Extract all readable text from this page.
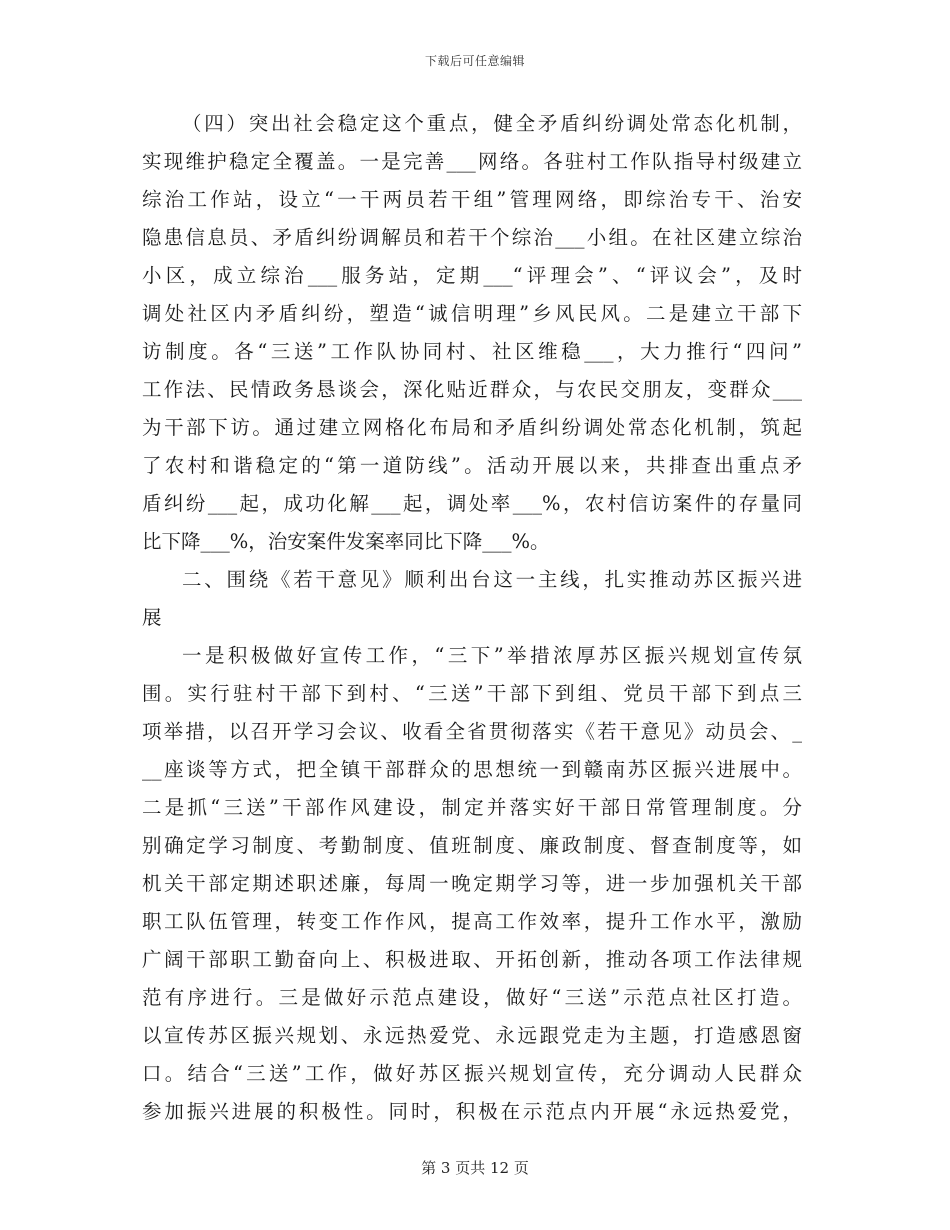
下载后可任意编辑
（四）突出社会稳定这个重点，健全矛盾纠纷调处常态化机制，
实现维护稳定全覆盖。一是完善___网络。各驻村工作队指导村级建立
综治工作站，设立“一干两员若干组”管理网络，即综治专干、治安
隐患信息员、矛盾纠纷调解员和若干个综治___小组。在社区建立综治
小区，成立综治___服务站，定期___“评理会”、“评议会”，及时
调处社区内矛盾纠纷，塑造“诚信明理”乡风民风。二是建立干部下
访制度。各“三送”工作队协同村、社区维稳___，大力推行“四问”
工作法、民情政务恳谈会，深化贴近群众，与农民交朋友，变群众___
为干部下访。通过建立网格化布局和矛盾纠纷调处常态化机制，筑起
了农村和谐稳定的“第一道防线”。活动开展以来，共排查出重点矛
盾纠纷___起，成功化解___起，调处率___%，农村信访案件的存量同
比下降___%，治安案件发案率同比下降___%。
二、围绕《若干意见》顺利出台这一主线，扎实推动苏区振兴进
展
一是积极做好宣传工作，“三下”举措浓厚苏区振兴规划宣传氛
围。实行驻村干部下到村、“三送”干部下到组、党员干部下到点三
项举措，以召开学习会议、收看全省贯彻落实《若干意见》动员会、_
__座谈等方式，把全镇干部群众的思想统一到赣南苏区振兴进展中。
二是抓“三送”干部作风建设，制定并落实好干部日常管理制度。分
别确定学习制度、考勤制度、值班制度、廉政制度、督查制度等，如
机关干部定期述职述廉，每周一晚定期学习等，进一步加强机关干部
职工队伍管理，转变工作作风，提高工作效率，提升工作水平，激励
广阔干部职工勤奋向上、积极进取、开拓创新，推动各项工作法律规
范有序进行。三是做好示范点建设，做好“三送”示范点社区打造。
以宣传苏区振兴规划、永远热爱党、永远跟党走为主题，打造感恩窗
口。结合“三送”工作，做好苏区振兴规划宣传，充分调动人民群众
参加振兴进展的积极性。同时，积极在示范点内开展“永远热爱党，
第 3 页共 12 页
